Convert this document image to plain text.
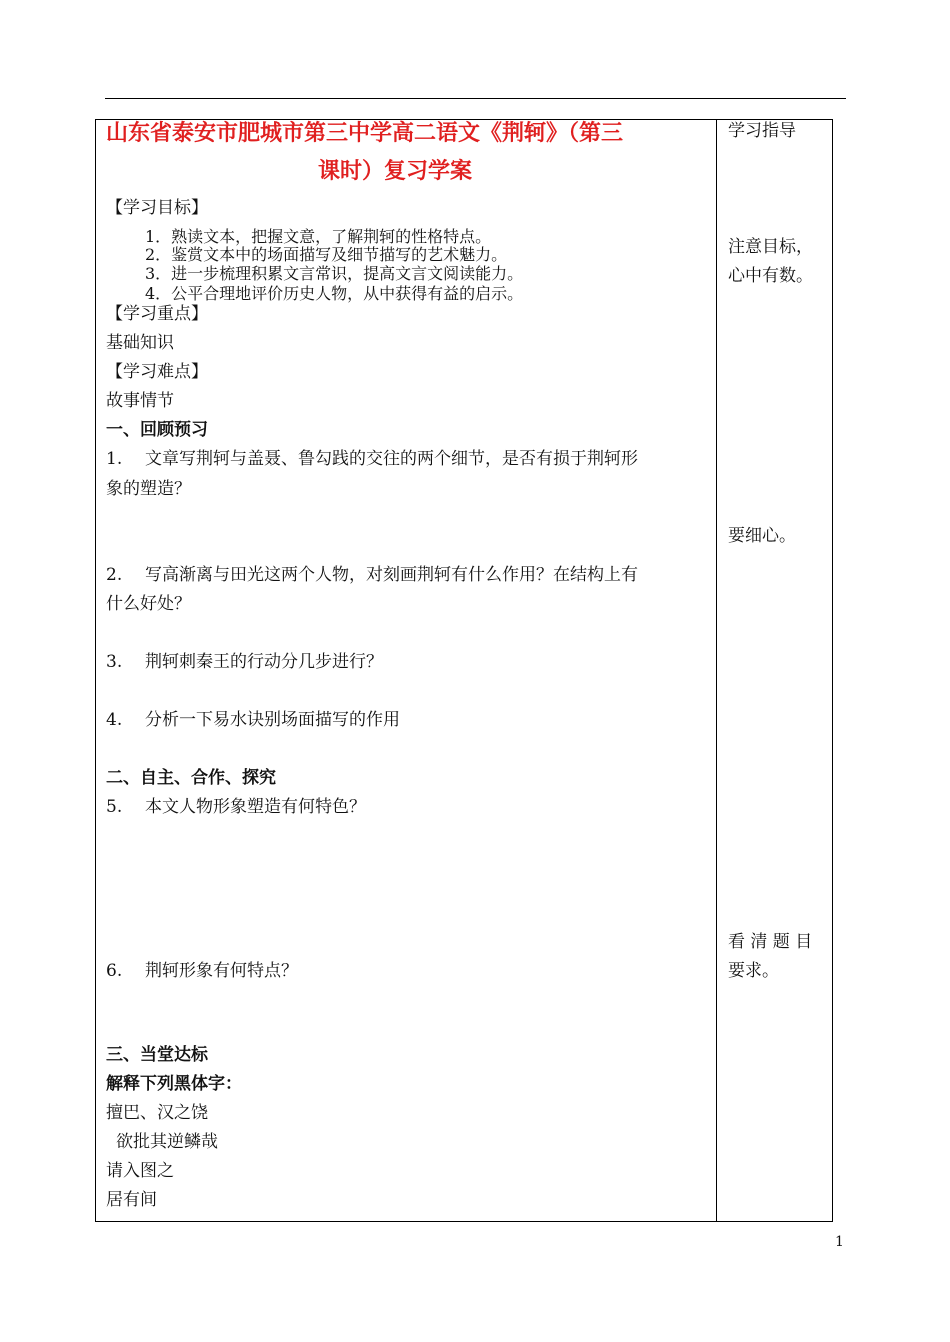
山东省泰安市肥城市第三中学高二语文《荆轲》（第三
课时）复习学案
【学习目标】
1．熟读文本，把握文意，了解荆轲的性格特点。
2．鉴赏文本中的场面描写及细节描写的艺术魅力。
3．进一步梳理积累文言常识，提高文言文阅读能力。
4．公平合理地评价历史人物，从中获得有益的启示。
【学习重点】
基础知识
【学习难点】
故事情节
一、回顾预习
1. 文章写荆轲与盖聂、鲁勾践的交往的两个细节，是否有损于荆轲形
象的塑造？
2. 写高渐离与田光这两个人物，对刻画荆轲有什么作用？在结构上有
什么好处？
3. 荆轲刺秦王的行动分几步进行？
4. 分析一下易水诀别场面描写的作用
二、自主、合作、探究
5. 本文人物形象塑造有何特色？
6. 荆轲形象有何特点？
三、当堂达标
解释下列黑体字：
擅巴、汉之饶
欲批其逆鳞哉
请入图之
居有间
学习指导
注意目标，
心中有数。
要细心。
看 清 题 目
要求。
1
